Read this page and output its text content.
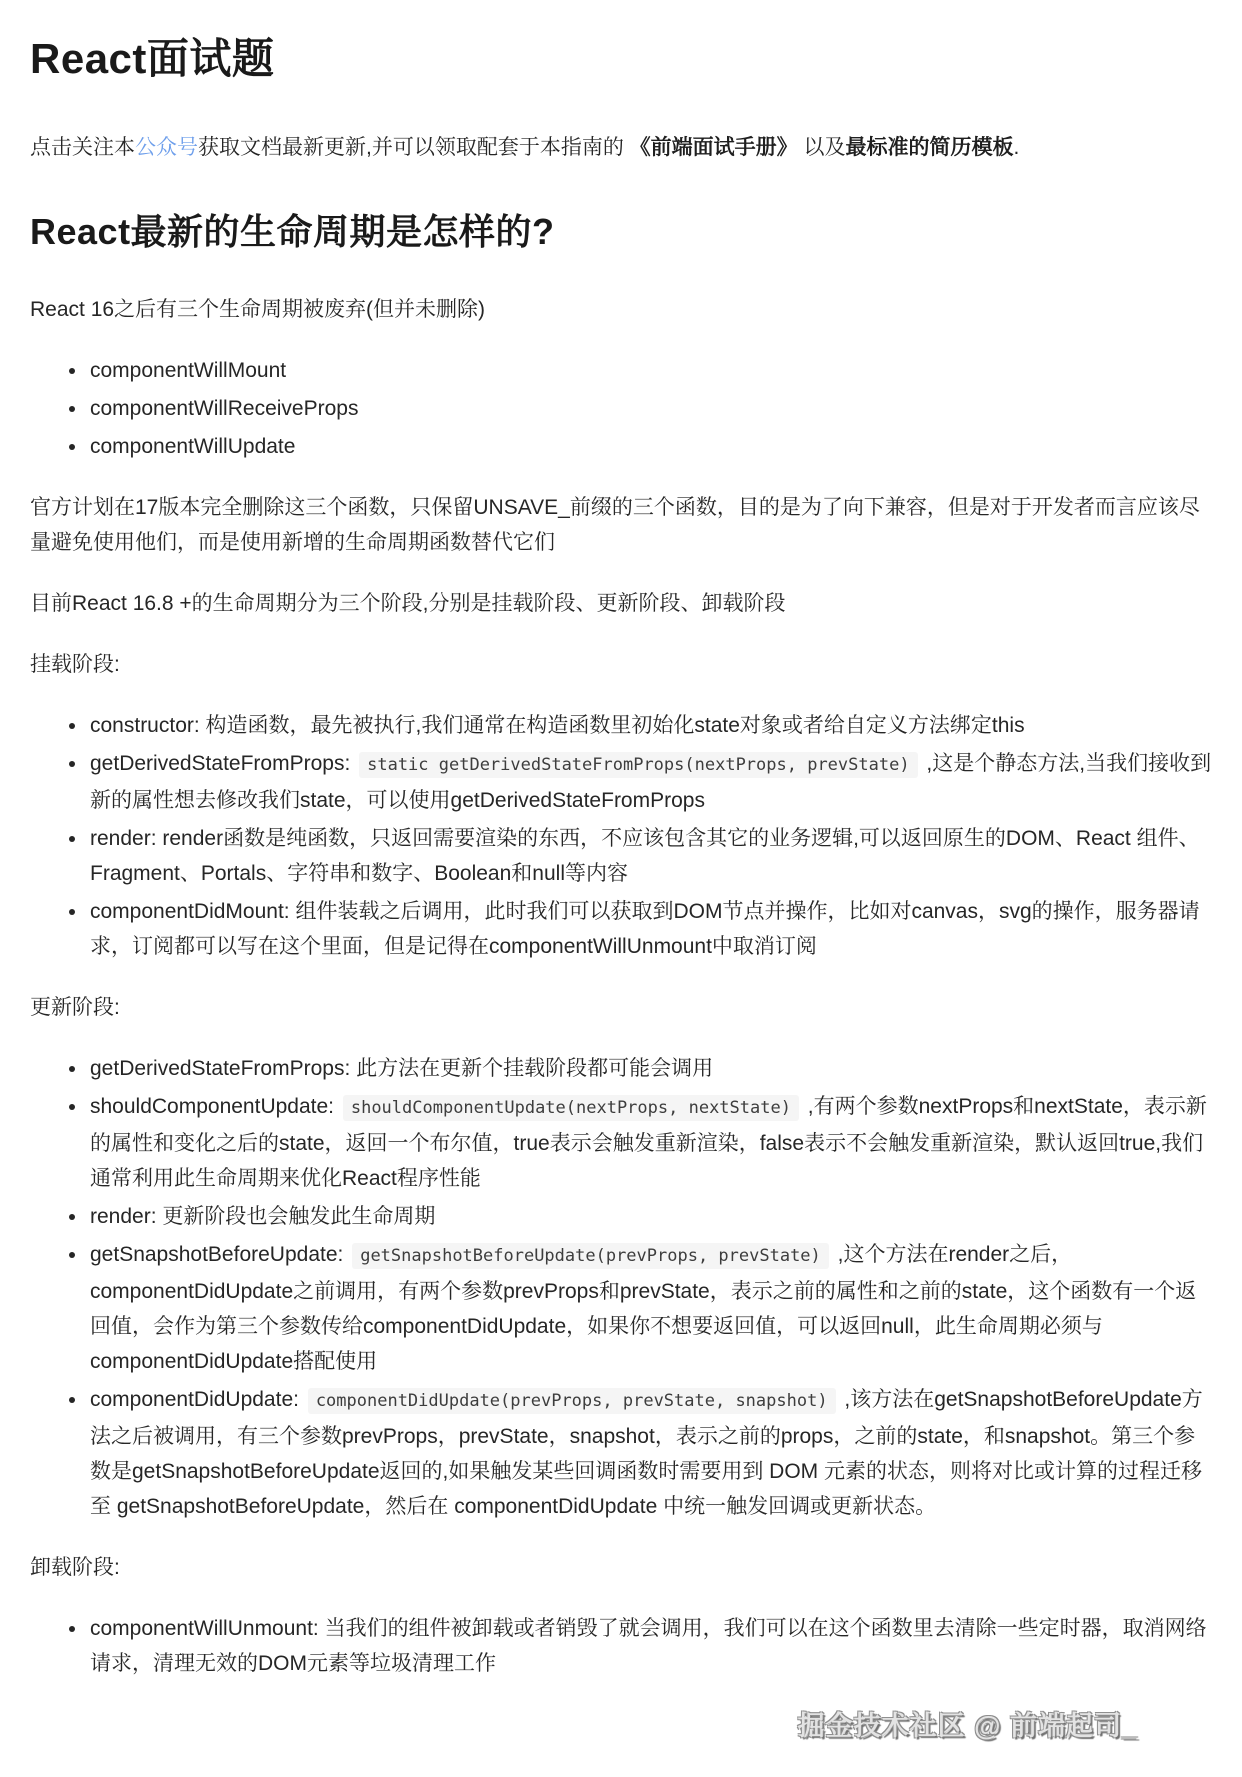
React面试题

点击关注本公众号获取文档最新更新,并可以领取配套于本指南的 《前端面试手册》 以及最标准的简历模板.

React最新的生命周期是怎样的?

React 16之后有三个生命周期被废弃(但并未删除)

• componentWillMount
• componentWillReceiveProps
• componentWillUpdate

官方计划在17版本完全删除这三个函数，只保留UNSAVE_前缀的三个函数，目的是为了向下兼容，但是对于开发者而言应该尽量避免使用他们，而是使用新增的生命周期函数替代它们

目前React 16.8 +的生命周期分为三个阶段,分别是挂载阶段、更新阶段、卸载阶段

挂载阶段:

• constructor: 构造函数，最先被执行,我们通常在构造函数里初始化state对象或者给自定义方法绑定this
• getDerivedStateFromProps: static getDerivedStateFromProps(nextProps, prevState) ,这是个静态方法,当我们接收到新的属性想去修改我们state，可以使用getDerivedStateFromProps
• render: render函数是纯函数，只返回需要渲染的东西，不应该包含其它的业务逻辑,可以返回原生的DOM、React 组件、Fragment、Portals、字符串和数字、Boolean和null等内容
• componentDidMount: 组件装载之后调用，此时我们可以获取到DOM节点并操作，比如对canvas，svg的操作，服务器请求，订阅都可以写在这个里面，但是记得在componentWillUnmount中取消订阅

更新阶段:

• getDerivedStateFromProps: 此方法在更新个挂载阶段都可能会调用
• shouldComponentUpdate: shouldComponentUpdate(nextProps, nextState) ,有两个参数nextProps和nextState，表示新的属性和变化之后的state，返回一个布尔值，true表示会触发重新渲染，false表示不会触发重新渲染，默认返回true,我们通常利用此生命周期来优化React程序性能
• render: 更新阶段也会触发此生命周期
• getSnapshotBeforeUpdate: getSnapshotBeforeUpdate(prevProps, prevState) ,这个方法在render之后，componentDidUpdate之前调用，有两个参数prevProps和prevState，表示之前的属性和之前的state，这个函数有一个返回值，会作为第三个参数传给componentDidUpdate，如果你不想要返回值，可以返回null，此生命周期必须与componentDidUpdate搭配使用
• componentDidUpdate: componentDidUpdate(prevProps, prevState, snapshot) ,该方法在getSnapshotBeforeUpdate方法之后被调用，有三个参数prevProps，prevState，snapshot，表示之前的props，之前的state，和snapshot。第三个参数是getSnapshotBeforeUpdate返回的,如果触发某些回调函数时需要用到 DOM 元素的状态，则将对比或计算的过程迁移至 getSnapshotBeforeUpdate，然后在 componentDidUpdate 中统一触发回调或更新状态。

卸载阶段:

• componentWillUnmount: 当我们的组件被卸载或者销毁了就会调用，我们可以在这个函数里去清除一些定时器，取消网络请求，清理无效的DOM元素等垃圾清理工作
掘金技术社区 @ 前端起司_
